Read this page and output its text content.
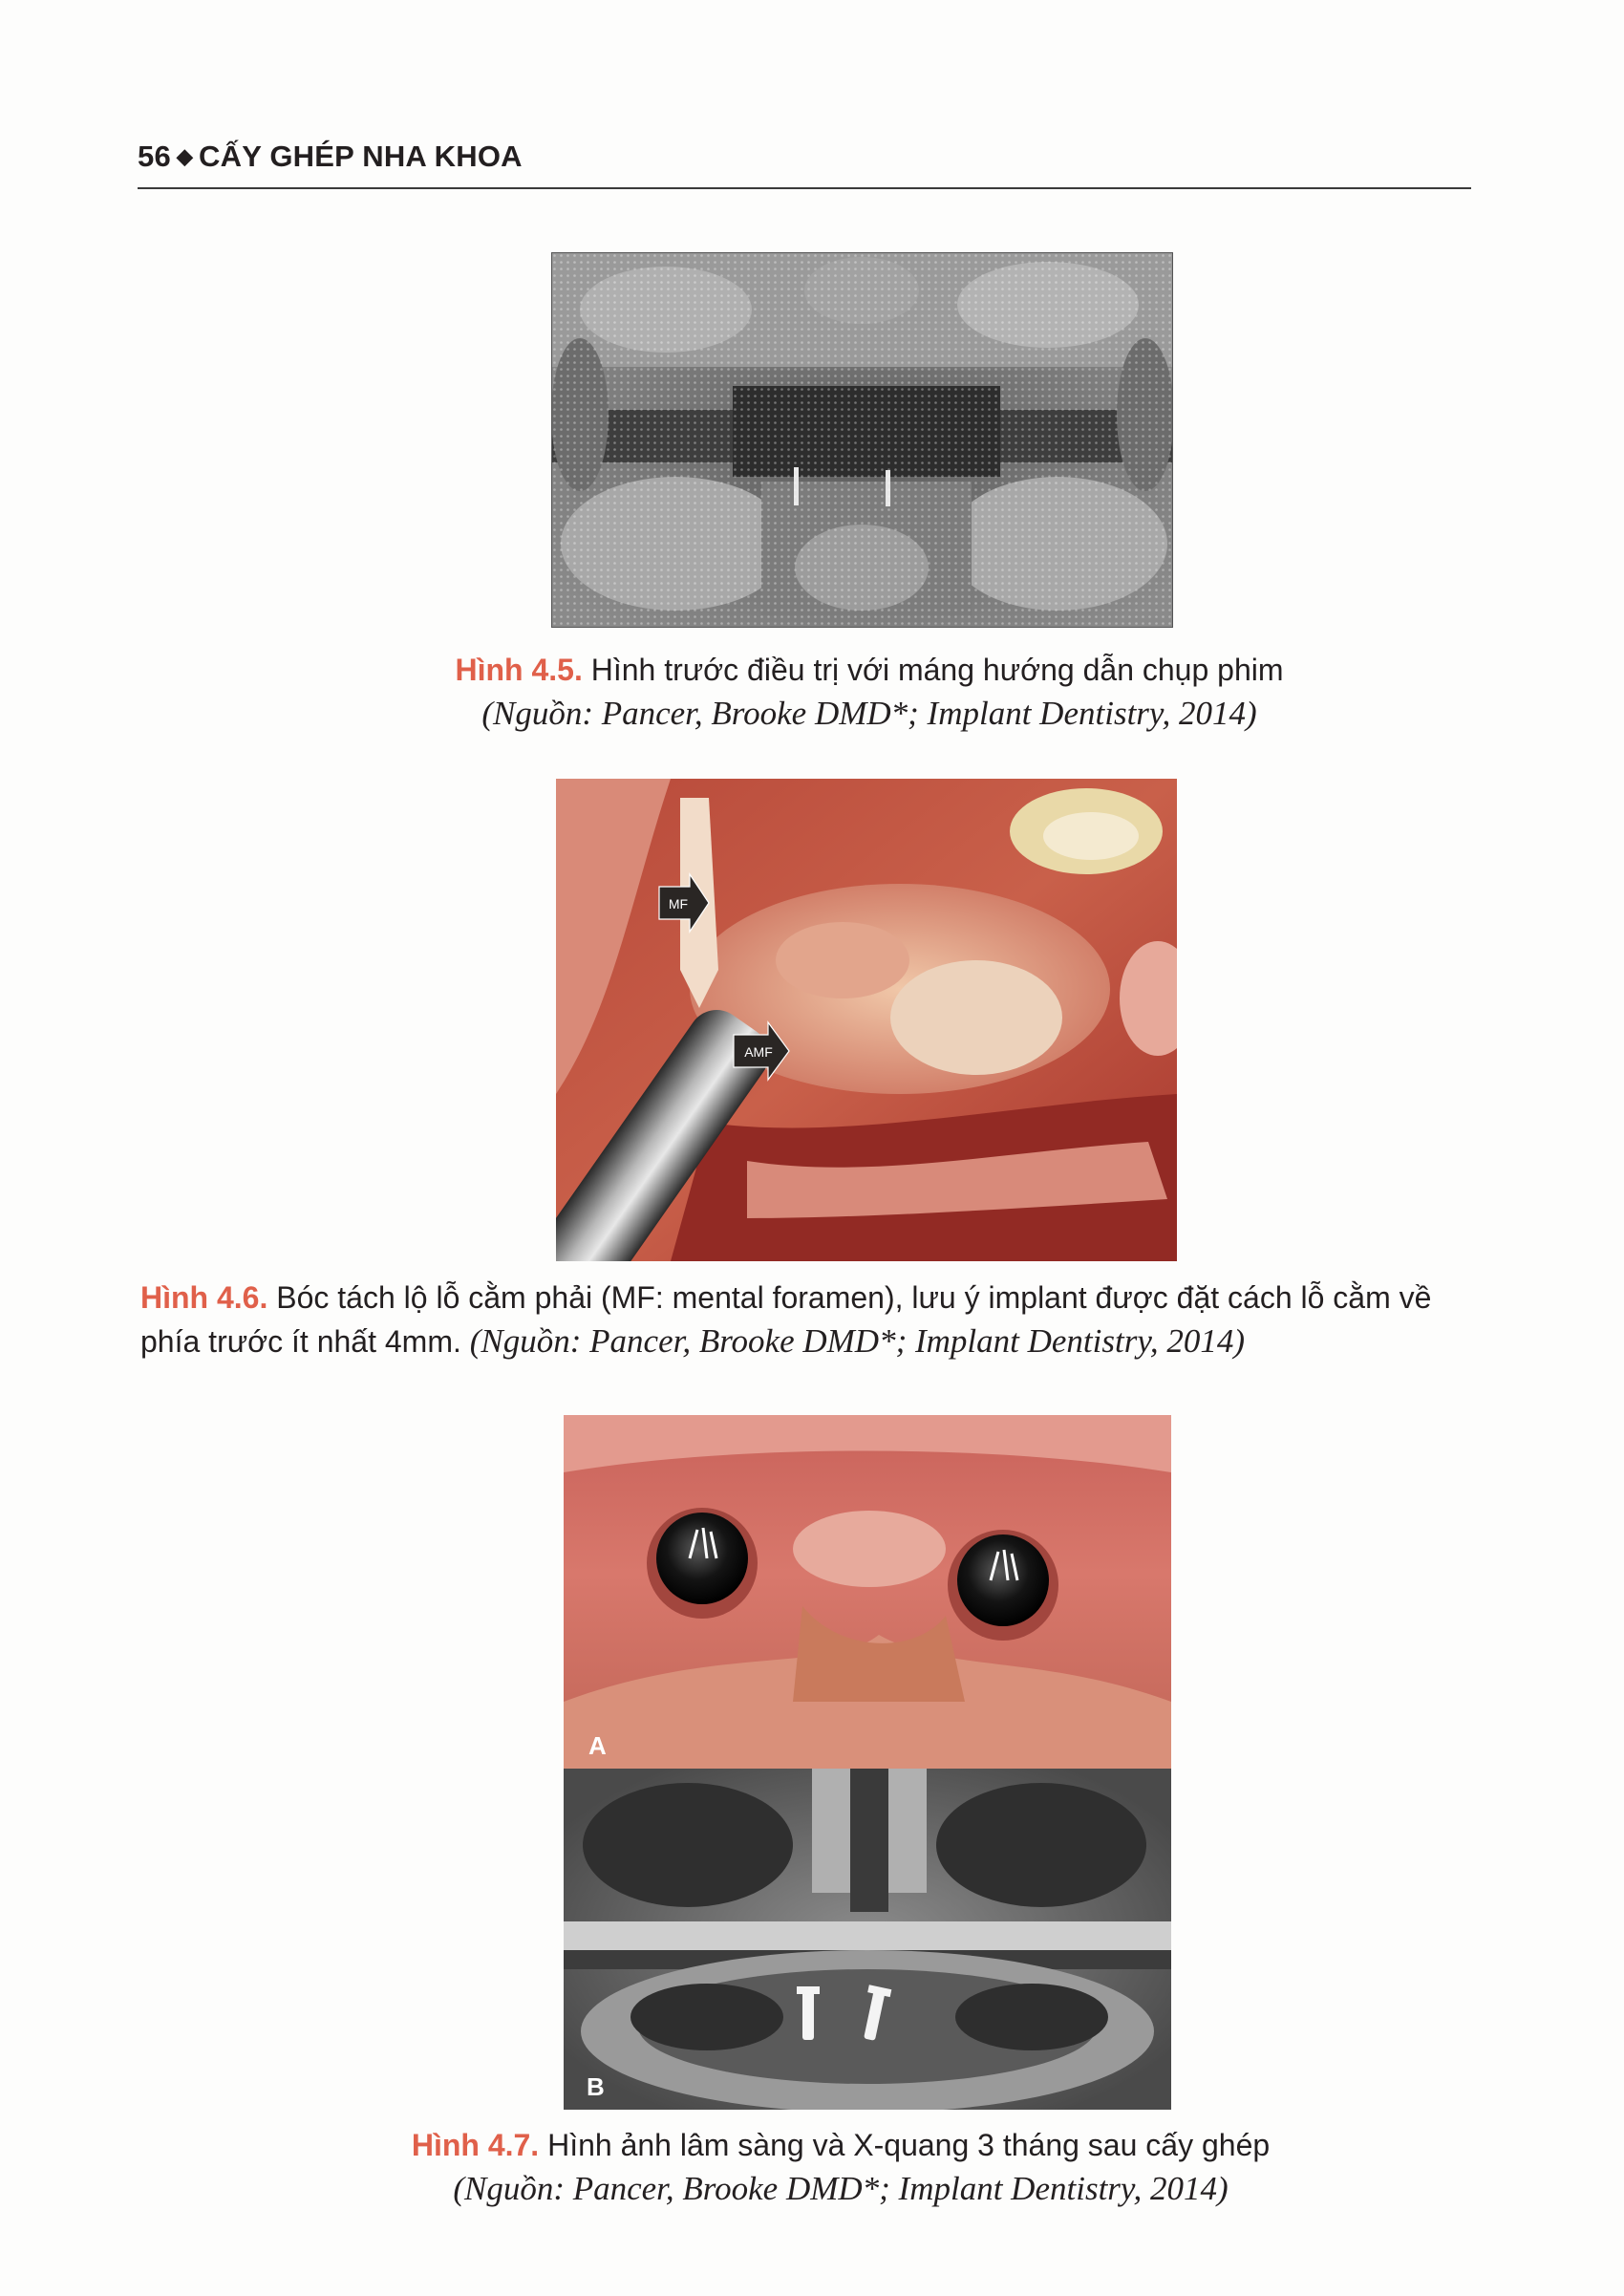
56 ◆ CẤY GHÉP NHA KHOA
Hình 4.5. Hình trước điều trị với máng hướng dẫn chụp phim
(Nguồn: Pancer, Brooke DMD*; Implant Dentistry, 2014)
MF
AMF
Hình 4.6. Bóc tách lộ lỗ cằm phải (MF: mental foramen), lưu ý implant được đặt cách lỗ cằm về phía trước ít nhất 4mm. (Nguồn: Pancer, Brooke DMD*; Implant Dentistry, 2014)
A
B
Hình 4.7. Hình ảnh lâm sàng và X-quang 3 tháng sau cấy ghép
(Nguồn: Pancer, Brooke DMD*; Implant Dentistry, 2014)
